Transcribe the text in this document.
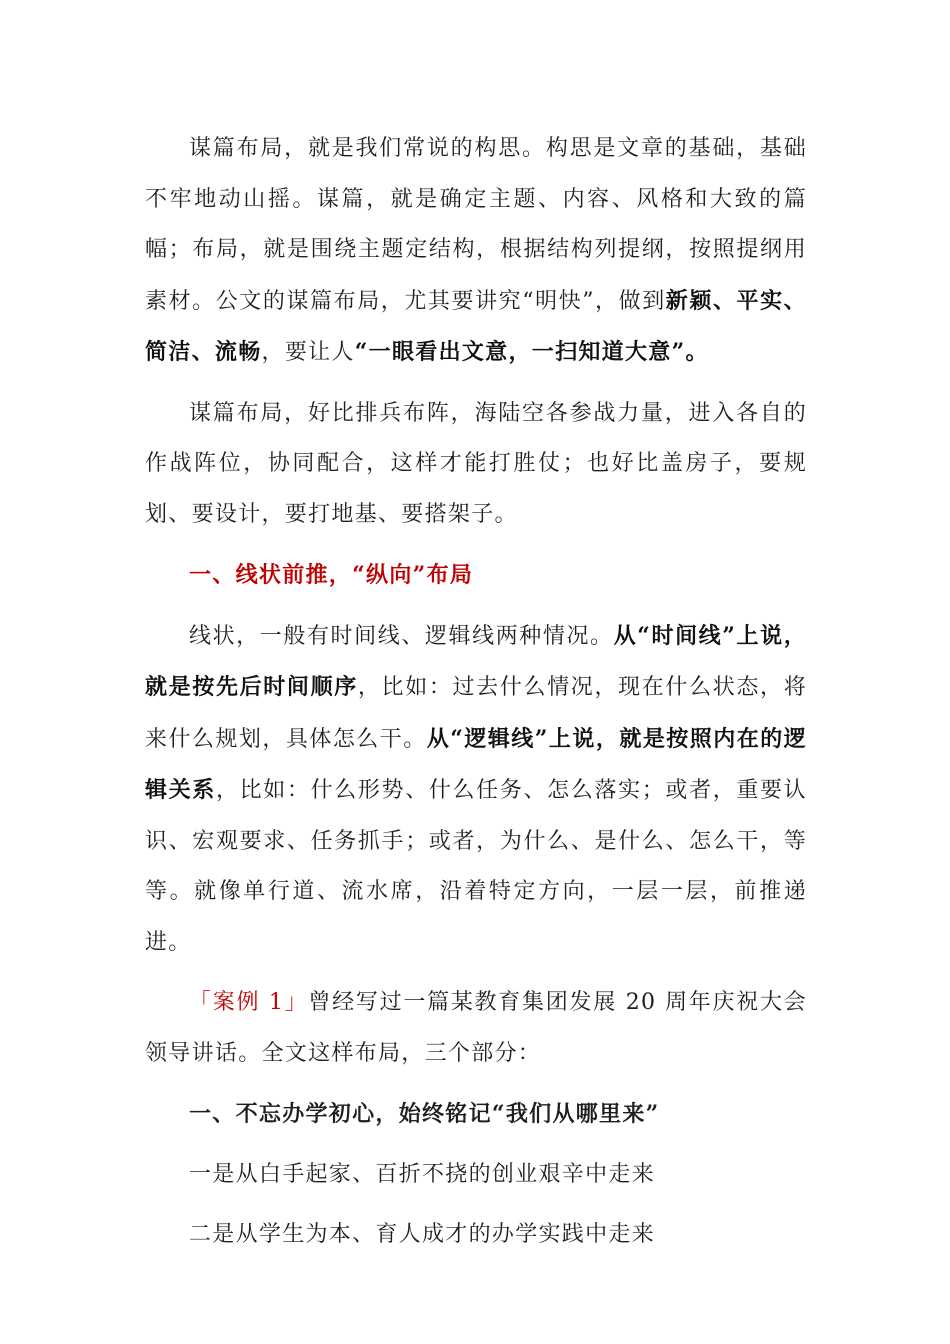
谋篇布局，就是我们常说的构思。构思是文章的基础，基础不牢地动山摇。谋篇，就是确定主题、内容、风格和大致的篇幅；布局，就是围绕主题定结构，根据结构列提纲，按照提纲用素材。公文的谋篇布局，尤其要讲究“明快”，做到新颖、平实、简洁、流畅，要让人“一眼看出文意，一扫知道大意”。

谋篇布局，好比排兵布阵，海陆空各参战力量，进入各自的作战阵位，协同配合，这样才能打胜仗；也好比盖房子，要规划、要设计，要打地基、要搭架子。

一、线状前推，“纵向”布局

线状，一般有时间线、逻辑线两种情况。从“时间线”上说，就是按先后时间顺序，比如：过去什么情况，现在什么状态，将来什么规划，具体怎么干。从“逻辑线”上说，就是按照内在的逻辑关系，比如：什么形势、什么任务、怎么落实；或者，重要认识、宏观要求、任务抓手；或者，为什么、是什么、怎么干，等等。就像单行道、流水席，沿着特定方向，一层一层，前推递进。

「案例 1」曾经写过一篇某教育集团发展 20 周年庆祝大会领导讲话。全文这样布局，三个部分：

一、不忘办学初心，始终铭记“我们从哪里来”

一是从白手起家、百折不挠的创业艰辛中走来

二是从学生为本、育人成才的办学实践中走来
